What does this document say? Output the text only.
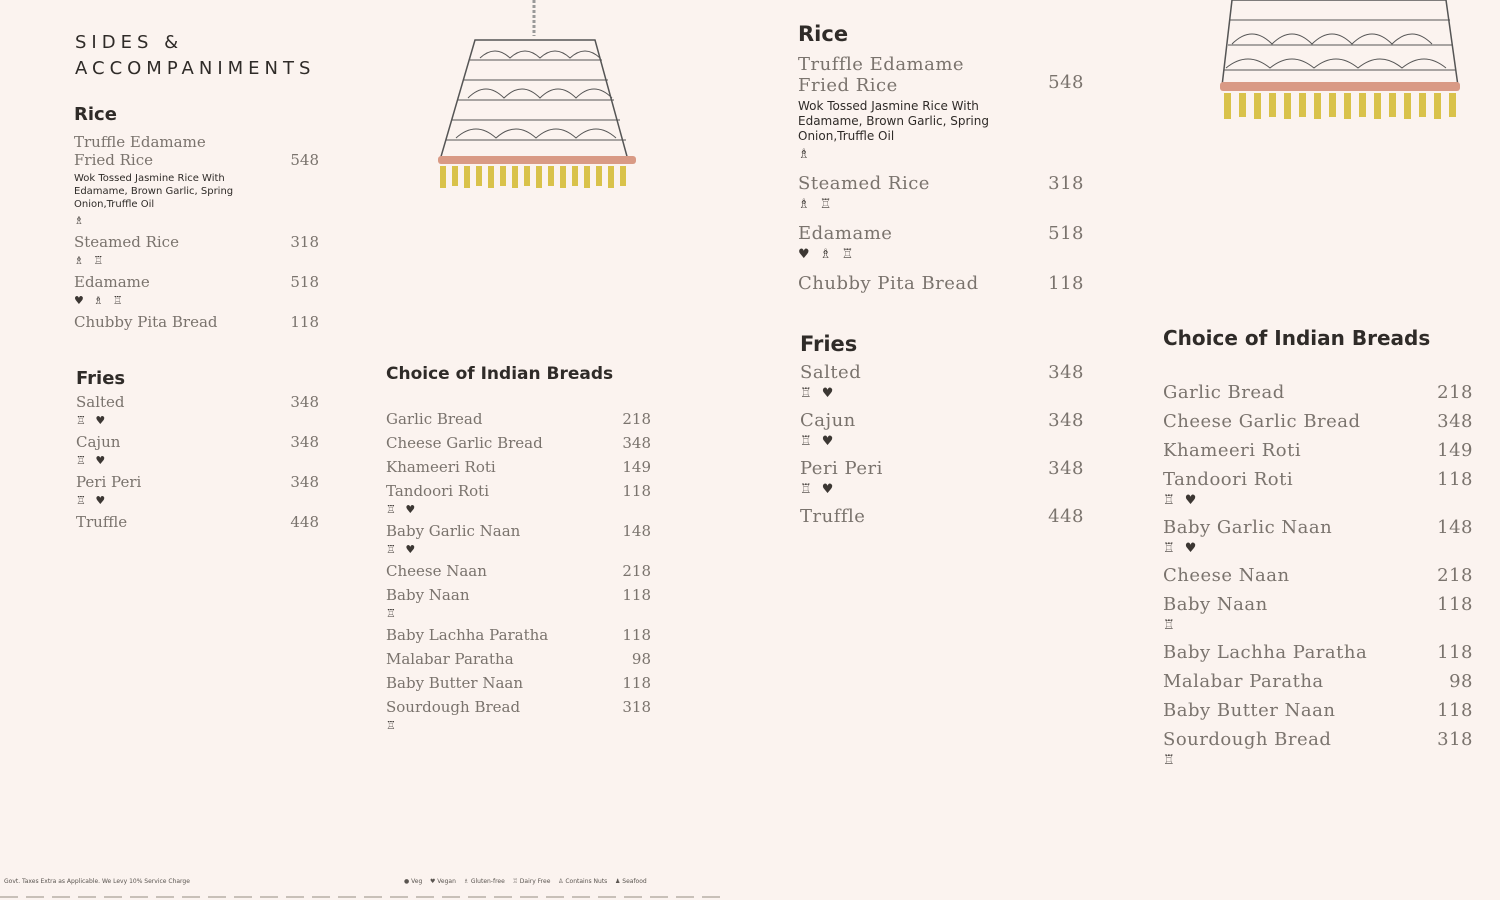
SIDES &
ACCOMPANIMENTS
Rice
Truffle Edamame
Fried Rice	548
Wok Tossed Jasmine Rice With
Edamame, Brown Garlic, Spring
Onion,Truffle Oil
♗
Steamed Rice	318
♗ ♖
Edamame	518
♥ ♗ ♖
Chubby Pita Bread	118
Fries
Salted	348
♖ ♥
Cajun	348
♖ ♥
Peri Peri	348
♖ ♥
Truffle	448
Choice of Indian Breads
Garlic Bread	218
Cheese Garlic Bread	348
Khameeri Roti	149
Tandoori Roti	118
♖ ♥
Baby Garlic Naan	148
♖ ♥
Cheese Naan	218
Baby Naan	118
♖
Baby Lachha Paratha	118
Malabar Paratha	98
Baby Butter Naan	118
Sourdough Bread	318
♖
Govt. Taxes Extra as Applicable. We Levy 10% Service Charge	● Veg ♥ Vegan ♗ Gluten-free ♖ Dairy Free ♙ Contains Nuts ♟ Seafood
Rice
Truffle Edamame
Fried Rice	548
Wok Tossed Jasmine Rice With
Edamame, Brown Garlic, Spring
Onion,Truffle Oil
♗
Steamed Rice	318
♗ ♖
Edamame	518
♥ ♗ ♖
Chubby Pita Bread	118
Fries
Salted	348
♖ ♥
Cajun	348
♖ ♥
Peri Peri	348
♖ ♥
Truffle	448
Choice of Indian Breads
Garlic Bread	218
Cheese Garlic Bread	348
Khameeri Roti	149
Tandoori Roti	118
♖ ♥
Baby Garlic Naan	148
♖ ♥
Cheese Naan	218
Baby Naan	118
♖
Baby Lachha Paratha	118
Malabar Paratha	98
Baby Butter Naan	118
Sourdough Bread	318
♖
